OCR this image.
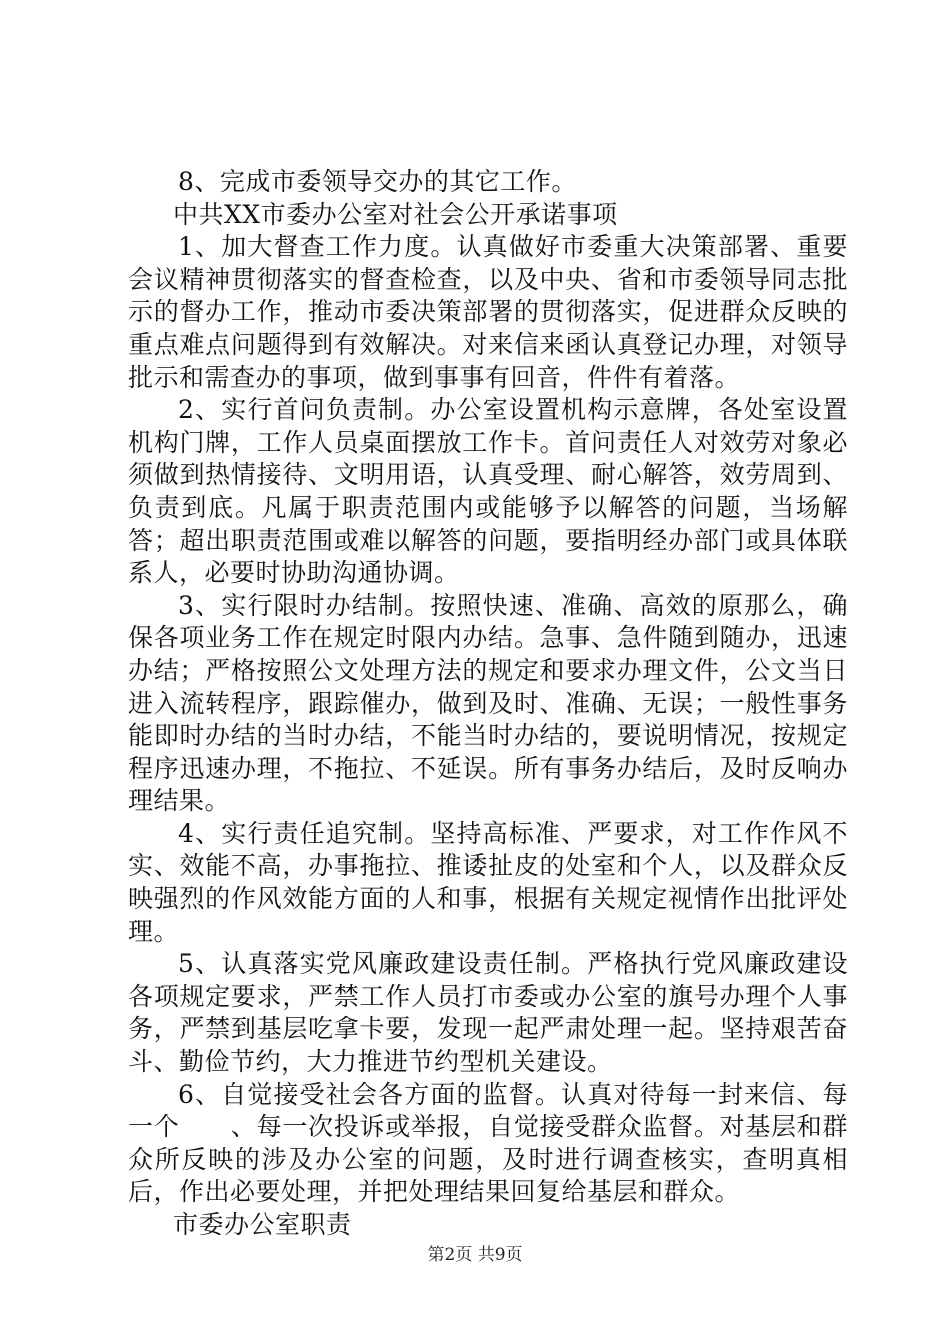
8、完成市委领导交办的其它工作。

中共XX市委办公室对社会公开承诺事项

1、加大督查工作力度。认真做好市委重大决策部署、重要会议精神贯彻落实的督查检查，以及中央、省和市委领导同志批示的督办工作，推动市委决策部署的贯彻落实，促进群众反映的重点难点问题得到有效解决。对来信来函认真登记办理，对领导批示和需查办的事项，做到事事有回音，件件有着落。

2、实行首问负责制。办公室设置机构示意牌，各处室设置机构门牌，工作人员桌面摆放工作卡。首问责任人对效劳对象必须做到热情接待、文明用语，认真受理、耐心解答，效劳周到、负责到底。凡属于职责范围内或能够予以解答的问题，当场解答；超出职责范围或难以解答的问题，要指明经办部门或具体联系人，必要时协助沟通协调。

3、实行限时办结制。按照快速、准确、高效的原那么，确保各项业务工作在规定时限内办结。急事、急件随到随办，迅速办结；严格按照公文处理方法的规定和要求办理文件，公文当日进入流转程序，跟踪催办，做到及时、准确、无误；一般性事务能即时办结的当时办结，不能当时办结的，要说明情况，按规定程序迅速办理，不拖拉、不延误。所有事务办结后，及时反响办理结果。

4、实行责任追究制。坚持高标准、严要求，对工作作风不实、效能不高，办事拖拉、推诿扯皮的处室和个人，以及群众反映强烈的作风效能方面的人和事，根据有关规定视情作出批评处理。

5、认真落实党风廉政建设责任制。严格执行党风廉政建设各项规定要求，严禁工作人员打市委或办公室的旗号办理个人事务，严禁到基层吃拿卡要，发现一起严肃处理一起。坚持艰苦奋斗、勤俭节约，大力推进节约型机关建设。

6、自觉接受社会各方面的监督。认真对待每一封来信、每一个　　、每一次投诉或举报，自觉接受群众监督。对基层和群众所反映的涉及办公室的问题，及时进行调查核实，查明真相后，作出必要处理，并把处理结果回复给基层和群众。

市委办公室职责

第2页 共9页
